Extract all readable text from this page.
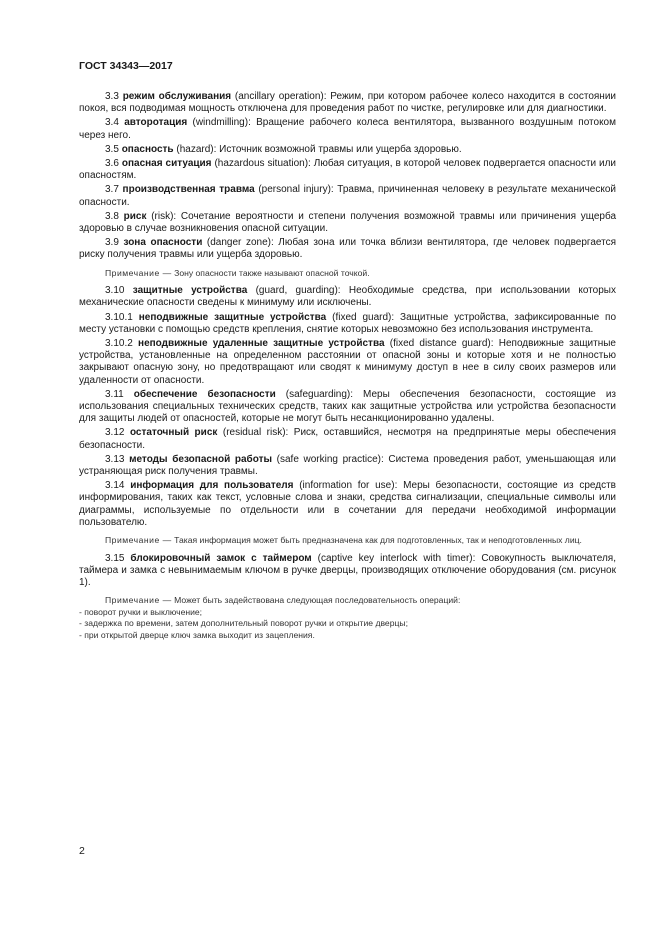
ГОСТ 34343—2017

3.3 режим обслуживания (ancillary operation): Режим, при котором рабочее колесо находится в состоянии покоя, вся подводимая мощность отключена для проведения работ по чистке, регулировке или для диагностики.

3.4 авторотация (windmilling): Вращение рабочего колеса вентилятора, вызванного воздушным потоком через него.

3.5 опасность (hazard): Источник возможной травмы или ущерба здоровью.

3.6 опасная ситуация (hazardous situation): Любая ситуация, в которой человек подвергается опасности или опасностям.

3.7 производственная травма (personal injury): Травма, причиненная человеку в результате механической опасности.

3.8 риск (risk): Сочетание вероятности и степени получения возможной травмы или причинения ущерба здоровью в случае возникновения опасной ситуации.

3.9 зона опасности (danger zone): Любая зона или точка вблизи вентилятора, где человек подвергается риску получения травмы или ущерба здоровью.

Примечание — Зону опасности также называют опасной точкой.

3.10 защитные устройства (guard, guarding): Необходимые средства, при использовании которых механические опасности сведены к минимуму или исключены.

3.10.1 неподвижные защитные устройства (fixed guard): Защитные устройства, зафиксированные по месту установки с помощью средств крепления, снятие которых невозможно без использования инструмента.

3.10.2 неподвижные удаленные защитные устройства (fixed distance guard): Неподвижные защитные устройства, установленные на определенном расстоянии от опасной зоны и которые хотя и не полностью закрывают опасную зону, но предотвращают или сводят к минимуму доступ в нее в силу своих размеров или удаленности от опасности.

3.11 обеспечение безопасности (safeguarding): Меры обеспечения безопасности, состоящие из использования специальных технических средств, таких как защитные устройства или устройства безопасности для защиты людей от опасностей, которые не могут быть несанкционированно удалены.

3.12 остаточный риск (residual risk): Риск, оставшийся, несмотря на предпринятые меры обеспечения безопасности.

3.13 методы безопасной работы (safe working practice): Система проведения работ, уменьшающая или устраняющая риск получения травмы.

3.14 информация для пользователя (information for use): Меры безопасности, состоящие из средств информирования, таких как текст, условные слова и знаки, средства сигнализации, специальные символы или диаграммы, используемые по отдельности или в сочетании для передачи необходимой информации пользователю.

Примечание — Такая информация может быть предназначена как для подготовленных, так и неподготовленных лиц.

3.15 блокировочный замок с таймером (captive key interlock with timer): Совокупность выключателя, таймера и замка с невынимаемым ключом в ручке дверцы, производящих отключение оборудования (см. рисунок 1).

Примечание — Может быть задействована следующая последовательность операций:
- поворот ручки и выключение;
- задержка по времени, затем дополнительный поворот ручки и открытие дверцы;
- при открытой дверце ключ замка выходит из зацепления.
2
